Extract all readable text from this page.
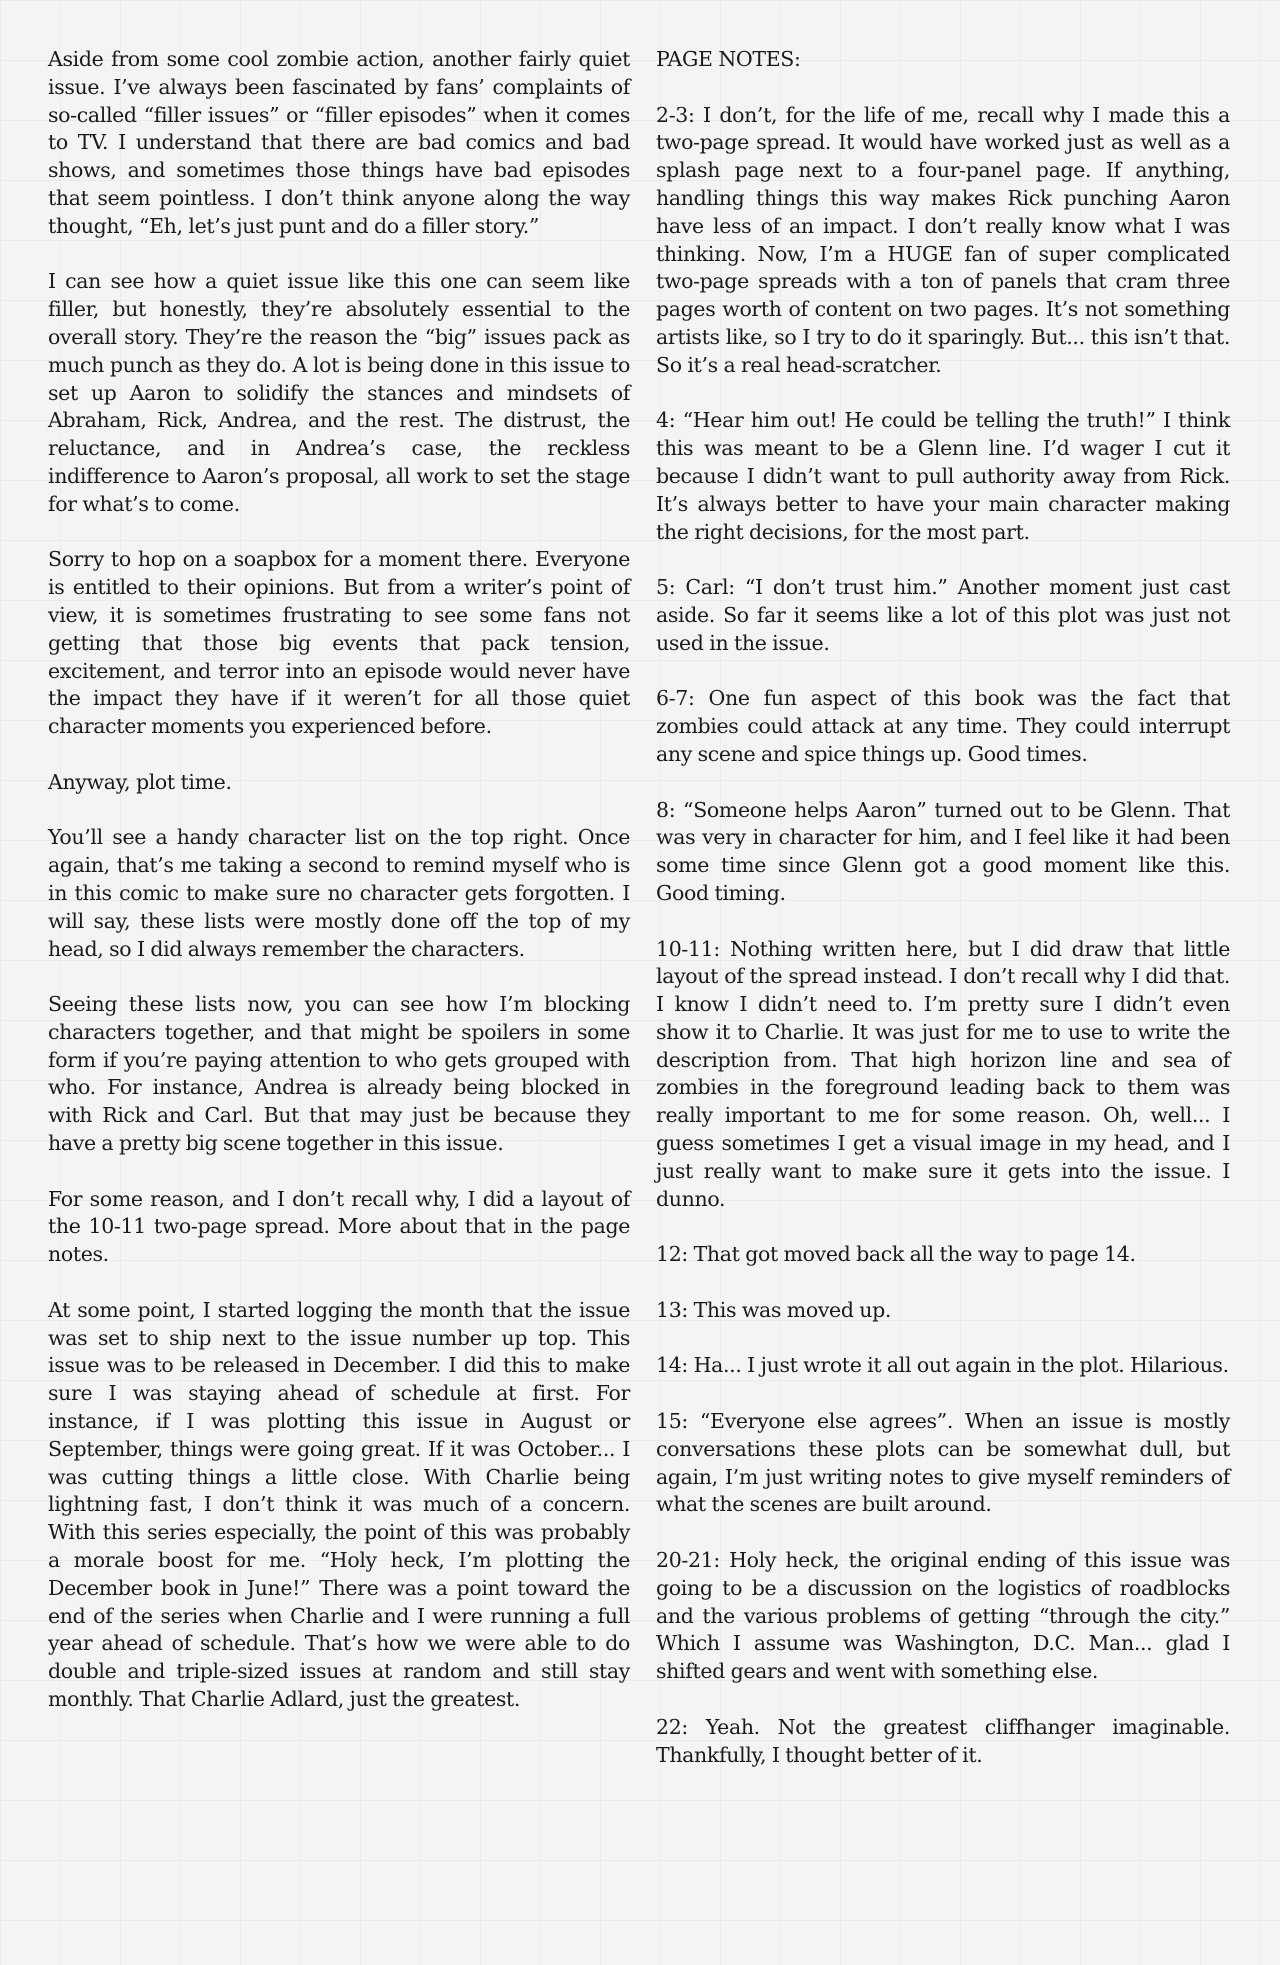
Aside from some cool zombie action, another fairly quiet issue. I’ve always been fascinated by fans’ complaints of so-called “filler issues” or “filler episodes” when it comes to TV. I understand that there are bad comics and bad shows, and sometimes those things have bad episodes that seem pointless. I don’t think anyone along the way thought, “Eh, let’s just punt and do a filler story.”

I can see how a quiet issue like this one can seem like filler, but honestly, they’re absolutely essential to the overall story. They’re the reason the “big” issues pack as much punch as they do. A lot is being done in this issue to set up Aaron to solidify the stances and mindsets of Abraham, Rick, Andrea, and the rest. The distrust, the reluctance, and in Andrea’s case, the reckless indifference to Aaron’s proposal, all work to set the stage for what’s to come.

Sorry to hop on a soapbox for a moment there. Everyone is entitled to their opinions. But from a writer’s point of view, it is sometimes frustrating to see some fans not getting that those big events that pack tension, excitement, and terror into an episode would never have the impact they have if it weren’t for all those quiet character moments you experienced before.

Anyway, plot time.

You’ll see a handy character list on the top right. Once again, that’s me taking a second to remind myself who is in this comic to make sure no character gets forgotten. I will say, these lists were mostly done off the top of my head, so I did always remember the characters.

Seeing these lists now, you can see how I’m blocking characters together, and that might be spoilers in some form if you’re paying attention to who gets grouped with who. For instance, Andrea is already being blocked in with Rick and Carl. But that may just be because they have a pretty big scene together in this issue.

For some reason, and I don’t recall why, I did a layout of the 10-11 two-page spread. More about that in the page notes.

At some point, I started logging the month that the issue was set to ship next to the issue number up top. This issue was to be released in December. I did this to make sure I was staying ahead of schedule at first. For instance, if I was plotting this issue in August or September, things were going great. If it was October... I was cutting things a little close. With Charlie being lightning fast, I don’t think it was much of a concern. With this series especially, the point of this was probably a morale boost for me. “Holy heck, I’m plotting the December book in June!” There was a point toward the end of the series when Charlie and I were running a full year ahead of schedule. That’s how we were able to do double and triple-sized issues at random and still stay monthly. That Charlie Adlard, just the greatest.

PAGE NOTES:

2-3: I don’t, for the life of me, recall why I made this a two-page spread. It would have worked just as well as a splash page next to a four-panel page. If anything, handling things this way makes Rick punching Aaron have less of an impact. I don’t really know what I was thinking. Now, I’m a HUGE fan of super complicated two-page spreads with a ton of panels that cram three pages worth of content on two pages. It’s not something artists like, so I try to do it sparingly. But... this isn’t that. So it’s a real head-scratcher.

4: “Hear him out! He could be telling the truth!” I think this was meant to be a Glenn line. I’d wager I cut it because I didn’t want to pull authority away from Rick. It’s always better to have your main character making the right decisions, for the most part.

5: Carl: “I don’t trust him.” Another moment just cast aside. So far it seems like a lot of this plot was just not used in the issue.

6-7: One fun aspect of this book was the fact that zombies could attack at any time. They could interrupt any scene and spice things up. Good times.

8: “Someone helps Aaron” turned out to be Glenn. That was very in character for him, and I feel like it had been some time since Glenn got a good moment like this. Good timing.

10-11: Nothing written here, but I did draw that little layout of the spread instead. I don’t recall why I did that. I know I didn’t need to. I’m pretty sure I didn’t even show it to Charlie. It was just for me to use to write the description from. That high horizon line and sea of zombies in the foreground leading back to them was really important to me for some reason. Oh, well... I guess sometimes I get a visual image in my head, and I just really want to make sure it gets into the issue. I dunno.

12: That got moved back all the way to page 14.

13: This was moved up.

14: Ha... I just wrote it all out again in the plot. Hilarious.

15: “Everyone else agrees”. When an issue is mostly conversations these plots can be somewhat dull, but again, I’m just writing notes to give myself reminders of what the scenes are built around.

20-21: Holy heck, the original ending of this issue was going to be a discussion on the logistics of roadblocks and the various problems of getting “through the city.” Which I assume was Washington, D.C. Man... glad I shifted gears and went with something else.

22: Yeah. Not the greatest cliffhanger imaginable. Thankfully, I thought better of it.
